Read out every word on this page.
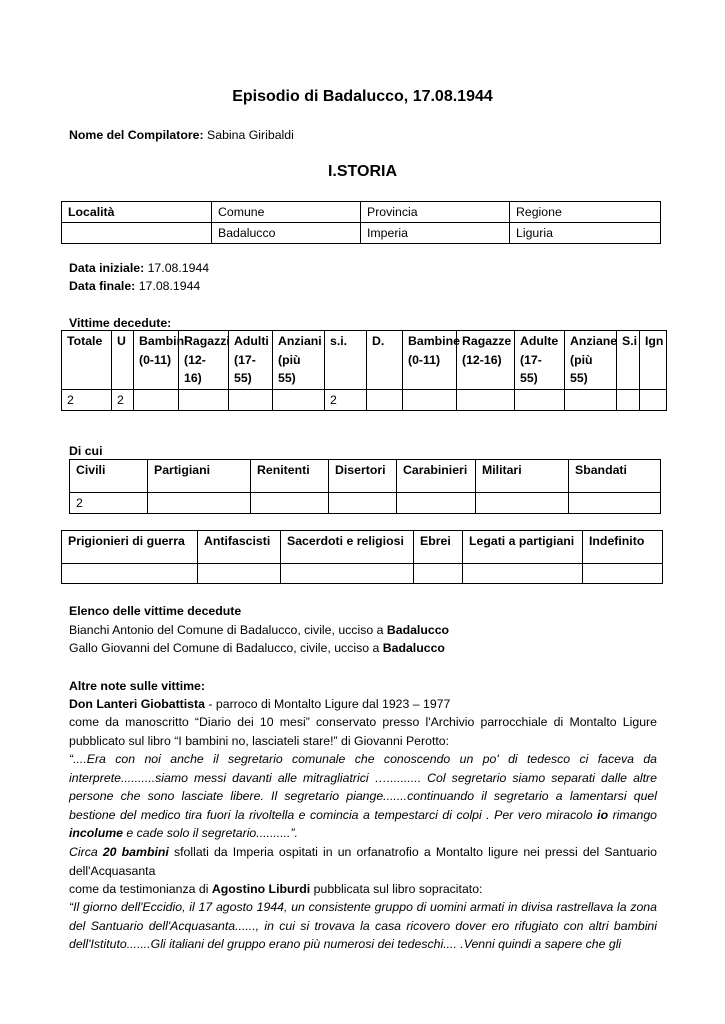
Episodio di Badalucco, 17.08.1944
Nome del Compilatore: Sabina Giribaldi
I.STORIA
Località	Comune	Provincia	Regione
	Badalucco	Imperia	Liguria
Data iniziale: 17.08.1944
Data finale: 17.08.1944
Vittime decedute:
Totale	U	Bambini (0-11)	Ragazzi (12-16)	Adulti (17-55)	Anziani (più 55)	s.i.	D.	Bambine (0-11)	Ragazze (12-16)	Adulte (17-55)	Anziane (più 55)	S.i	Ign
2	2					2							
Di cui
Civili	Partigiani	Renitenti	Disertori	Carabinieri	Militari	Sbandati
2						
Prigionieri di guerra	Antifascisti	Sacerdoti e religiosi	Ebrei	Legati a partigiani	Indefinito

Elenco delle vittime decedute
Bianchi Antonio del Comune di Badalucco, civile, ucciso a Badalucco
Gallo Giovanni del Comune di Badalucco, civile, ucciso a Badalucco
Altre note sulle vittime:
Don Lanteri Giobattista - parroco di Montalto Ligure dal 1923 – 1977
come da manoscritto “Diario dei 10 mesi” conservato presso l'Archivio parrocchiale di Montalto Ligure pubblicato sul libro “I bambini no, lasciateli stare!” di Giovanni Perotto:
“....Era con noi anche il segretario comunale che conoscendo un po' di tedesco ci faceva da interprete..........siamo messi davanti alle mitragliatrici ….......... Col segretario siamo separati dalle altre persone che sono lasciate libere. Il segretario piange.......continuando il segretario a lamentarsi quel bestione del medico tira fuori la rivoltella e comincia a tempestarci di colpi . Per vero miracolo io rimango incolume e cade solo il segretario..........”.
Circa 20 bambini sfollati da Imperia ospitati in un orfanatrofio a Montalto ligure nei pressi del Santuario dell'Acquasanta
come da testimonianza di Agostino Liburdi pubblicata sul libro sopracitato:
“Il giorno dell'Eccidio, il 17 agosto 1944, un consistente gruppo di uomini armati in divisa rastrellava la zona del Santuario dell'Acquasanta......, in cui si trovava la casa ricovero dover ero rifugiato con altri bambini dell'Istituto.......Gli italiani del gruppo erano più numerosi dei tedeschi.... .Venni quindi a sapere che gli
